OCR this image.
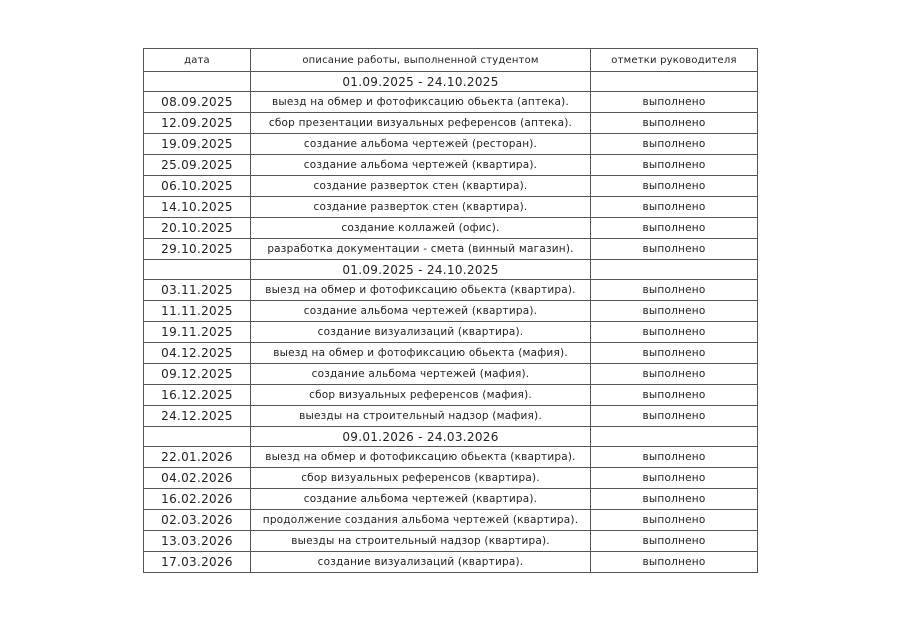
дата	описание работы, выполненной студентом	отметки руководителя
	01.09.2025 - 24.10.2025	
08.09.2025	выезд на обмер и фотофиксацию обьекта (аптека).	выполнено
12.09.2025	сбор презентации визуальных референсов (аптека).	выполнено
19.09.2025	создание альбома чертежей (ресторан).	выполнено
25.09.2025	создание альбома чертежей (квартира).	выполнено
06.10.2025	создание разверток стен (квартира).	выполнено
14.10.2025	создание разверток стен (квартира).	выполнено
20.10.2025	создание коллажей (офис).	выполнено
29.10.2025	разработка документации - смета (винный магазин).	выполнено
	01.09.2025 - 24.10.2025	
03.11.2025	выезд на обмер и фотофиксацию обьекта (квартира).	выполнено
11.11.2025	создание альбома чертежей (квартира).	выполнено
19.11.2025	создание визуализаций (квартира).	выполнено
04.12.2025	выезд на обмер и фотофиксацию обьекта (мафия).	выполнено
09.12.2025	создание альбома чертежей (мафия).	выполнено
16.12.2025	сбор визуальных референсов (мафия).	выполнено
24.12.2025	выезды на строительный надзор (мафия).	выполнено
	09.01.2026 - 24.03.2026	
22.01.2026	выезд на обмер и фотофиксацию обьекта (квартира).	выполнено
04.02.2026	сбор визуальных референсов (квартира).	выполнено
16.02.2026	создание альбома чертежей (квартира).	выполнено
02.03.2026	продолжение создания альбома чертежей (квартира).	выполнено
13.03.2026	выезды на строительный надзор (квартира).	выполнено
17.03.2026	создание визуализаций (квартира).	выполнено
